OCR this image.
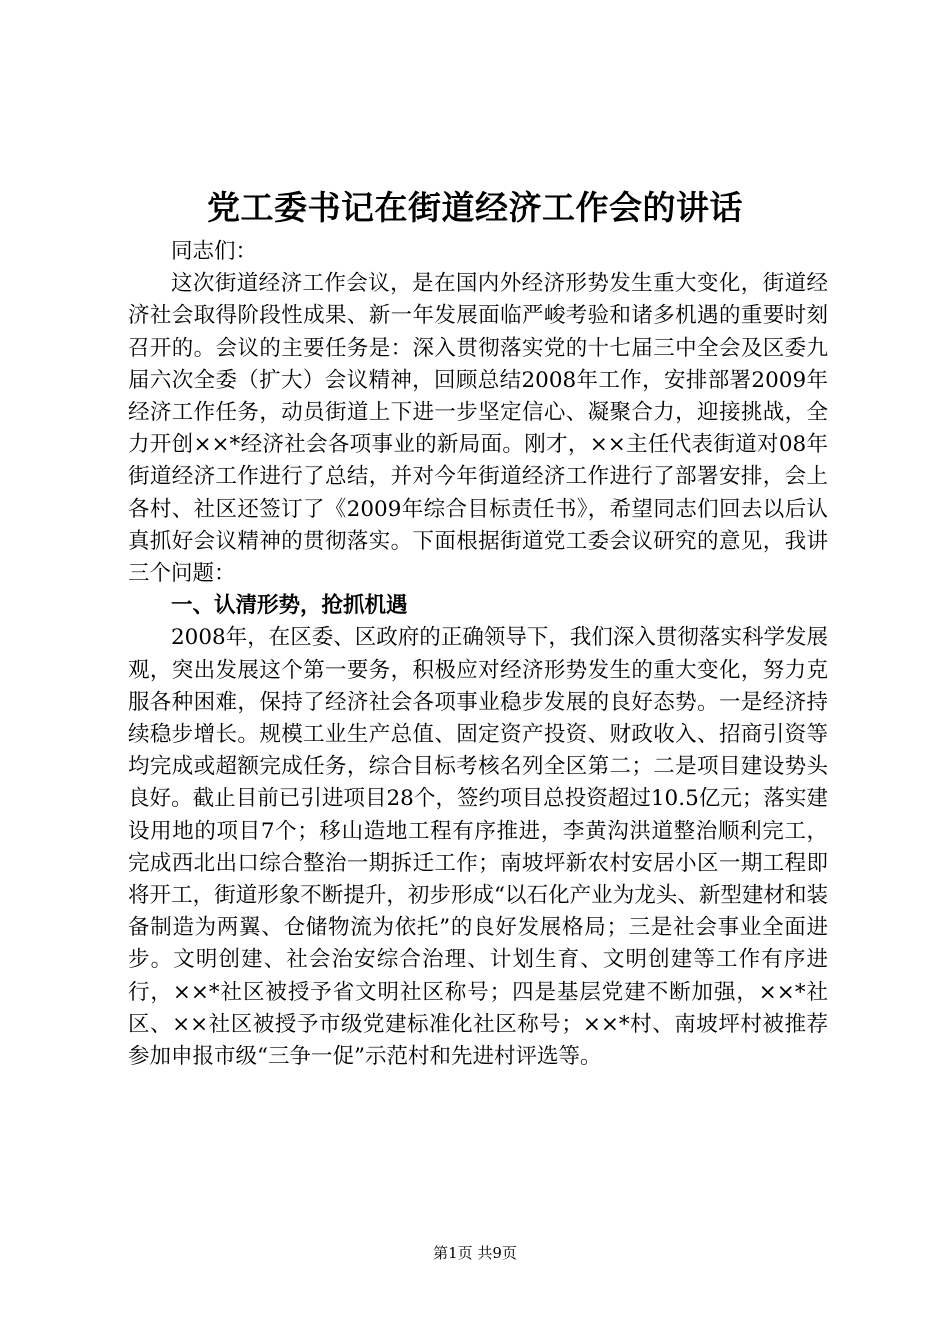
党工委书记在街道经济工作会的讲话

同志们：

这次街道经济工作会议，是在国内外经济形势发生重大变化，街道经济社会取得阶段性成果、新一年发展面临严峻考验和诸多机遇的重要时刻召开的。会议的主要任务是：深入贯彻落实党的十七届三中全会及区委九届六次全委（扩大）会议精神，回顾总结2008年工作，安排部署2009年经济工作任务，动员街道上下进一步坚定信心、凝聚合力，迎接挑战，全力开创××*经济社会各项事业的新局面。刚才，××主任代表街道对08年街道经济工作进行了总结，并对今年街道经济工作进行了部署安排，会上各村、社区还签订了《2009年综合目标责任书》，希望同志们回去以后认真抓好会议精神的贯彻落实。下面根据街道党工委会议研究的意见，我讲三个问题：

一、认清形势，抢抓机遇

2008年，在区委、区政府的正确领导下，我们深入贯彻落实科学发展观，突出发展这个第一要务，积极应对经济形势发生的重大变化，努力克服各种困难，保持了经济社会各项事业稳步发展的良好态势。一是经济持续稳步增长。规模工业生产总值、固定资产投资、财政收入、招商引资等均完成或超额完成任务，综合目标考核名列全区第二；二是项目建设势头良好。截止目前已引进项目28个，签约项目总投资超过10.5亿元；落实建设用地的项目7个；移山造地工程有序推进，李黄沟洪道整治顺利完工，完成西北出口综合整治一期拆迁工作；南坡坪新农村安居小区一期工程即将开工，街道形象不断提升，初步形成“以石化产业为龙头、新型建材和装备制造为两翼、仓储物流为依托”的良好发展格局；三是社会事业全面进步。文明创建、社会治安综合治理、计划生育、文明创建等工作有序进行，××*社区被授予省文明社区称号；四是基层党建不断加强，××*社区、××社区被授予市级党建标准化社区称号；××*村、南坡坪村被推荐参加申报市级“三争一促”示范村和先进村评选等。

第1页 共9页
